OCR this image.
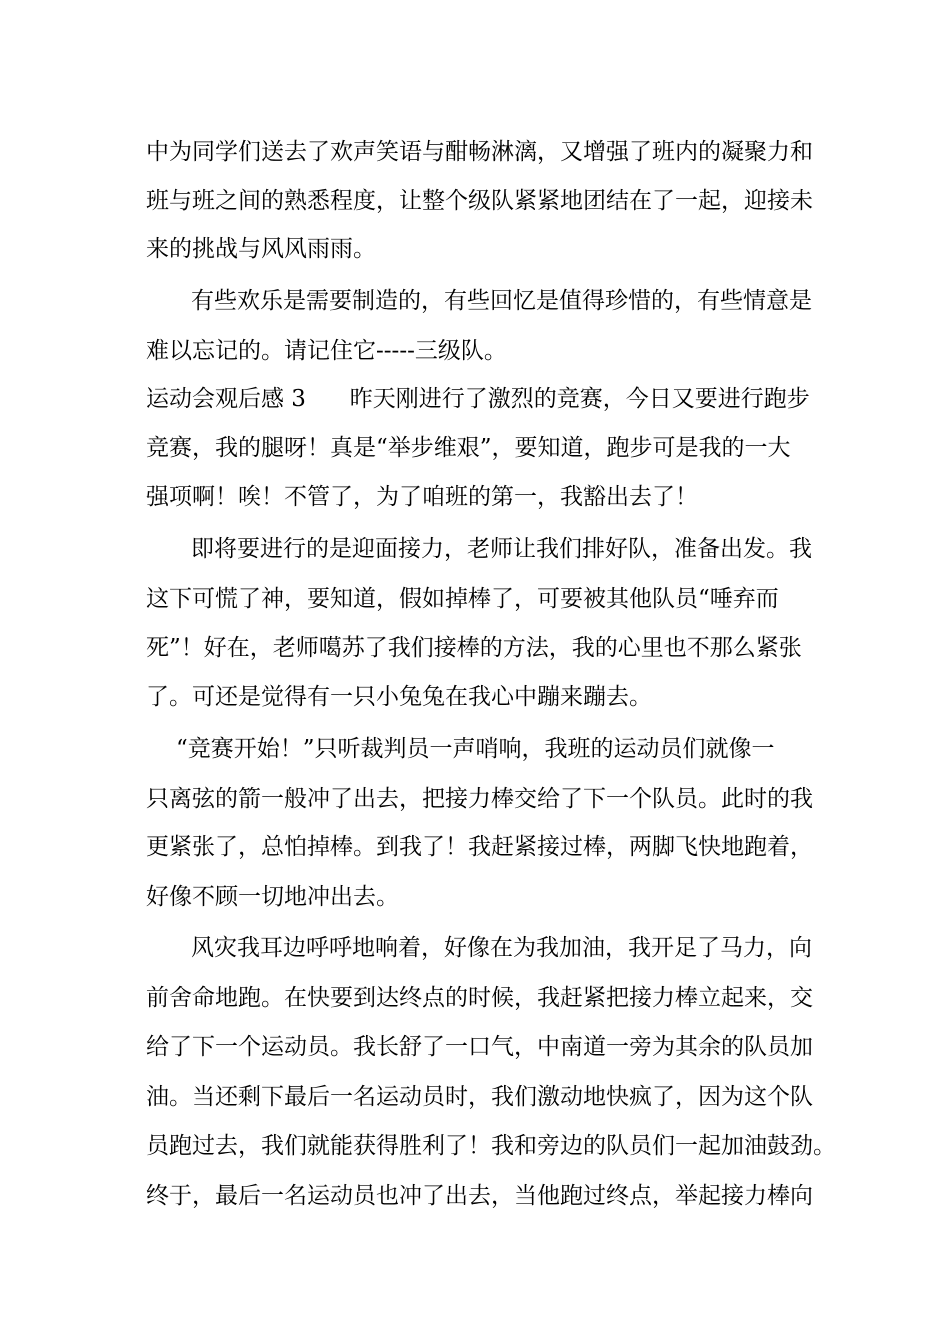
中为同学们送去了欢声笑语与酣畅淋漓，又增强了班内的凝聚力和
班与班之间的熟悉程度，让整个级队紧紧地团结在了一起，迎接未
来的挑战与风风雨雨。
有些欢乐是需要制造的，有些回忆是值得珍惜的，有些情意是
难以忘记的。请记住它-----三级队。
运动会观后感 3      昨天刚进行了激烈的竞赛，今日又要进行跑步
竞赛，我的腿呀！真是“举步维艰”，要知道，跑步可是我的一大
强项啊！唉！不管了，为了咱班的第一，我豁出去了！
即将要进行的是迎面接力，老师让我们排好队，准备出发。我
这下可慌了神，要知道，假如掉棒了，可要被其他队员“唾弃而
死”！好在，老师噶苏了我们接棒的方法，我的心里也不那么紧张
了。可还是觉得有一只小兔兔在我心中蹦来蹦去。
“竞赛开始！”只听裁判员一声哨响，我班的运动员们就像一
只离弦的箭一般冲了出去，把接力棒交给了下一个队员。此时的我
更紧张了，总怕掉棒。到我了！我赶紧接过棒，两脚飞快地跑着，
好像不顾一切地冲出去。
风灾我耳边呼呼地响着，好像在为我加油，我开足了马力，向
前舍命地跑。在快要到达终点的时候，我赶紧把接力棒立起来，交
给了下一个运动员。我长舒了一口气，中南道一旁为其余的队员加
油。当还剩下最后一名运动员时，我们激动地快疯了，因为这个队
员跑过去，我们就能获得胜利了！我和旁边的队员们一起加油鼓劲。
终于，最后一名运动员也冲了出去，当他跑过终点，举起接力棒向
